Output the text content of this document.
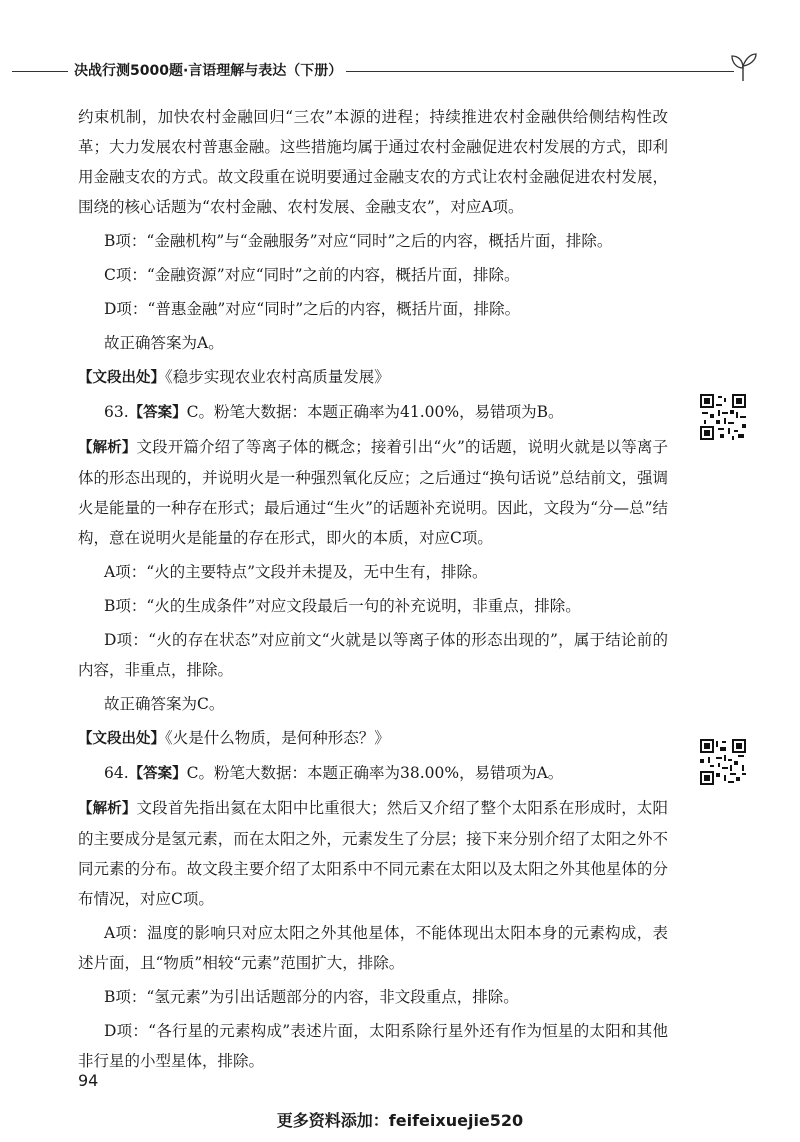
决战行测5000题·言语理解与表达（下册）

约束机制，加快农村金融回归“三农”本源的进程；持续推进农村金融供给侧结构性改革；大力发展农村普惠金融。这些措施均属于通过农村金融促进农村发展的方式，即利用金融支农的方式。故文段重在说明要通过金融支农的方式让农村金融促进农村发展，围绕的核心话题为“农村金融、农村发展、金融支农”，对应A项。

B项：“金融机构”与“金融服务”对应“同时”之后的内容，概括片面，排除。

C项：“金融资源”对应“同时”之前的内容，概括片面，排除。

D项：“普惠金融”对应“同时”之后的内容，概括片面，排除。

故正确答案为A。

【文段出处】《稳步实现农业农村高质量发展》

63.【答案】C。粉笔大数据：本题正确率为41.00%，易错项为B。

【解析】文段开篇介绍了等离子体的概念；接着引出“火”的话题，说明火就是以等离子体的形态出现的，并说明火是一种强烈氧化反应；之后通过“换句话说”总结前文，强调火是能量的一种存在形式；最后通过“生火”的话题补充说明。因此，文段为“分—总”结构，意在说明火是能量的存在形式，即火的本质，对应C项。

A项：“火的主要特点”文段并未提及，无中生有，排除。

B项：“火的生成条件”对应文段最后一句的补充说明，非重点，排除。

D项：“火的存在状态”对应前文“火就是以等离子体的形态出现的”，属于结论前的内容，非重点，排除。

故正确答案为C。

【文段出处】《火是什么物质，是何种形态？》

64.【答案】C。粉笔大数据：本题正确率为38.00%，易错项为A。

【解析】文段首先指出氦在太阳中比重很大；然后又介绍了整个太阳系在形成时，太阳的主要成分是氢元素，而在太阳之外，元素发生了分层；接下来分别介绍了太阳之外不同元素的分布。故文段主要介绍了太阳系中不同元素在太阳以及太阳之外其他星体的分布情况，对应C项。

A项：温度的影响只对应太阳之外其他星体，不能体现出太阳本身的元素构成，表述片面，且“物质”相较“元素”范围扩大，排除。

B项：“氢元素”为引出话题部分的内容，非文段重点，排除。

D项：“各行星的元素构成”表述片面，太阳系除行星外还有作为恒星的太阳和其他非行星的小型星体，排除。

94
更多资料添加：feifeixuejie520
